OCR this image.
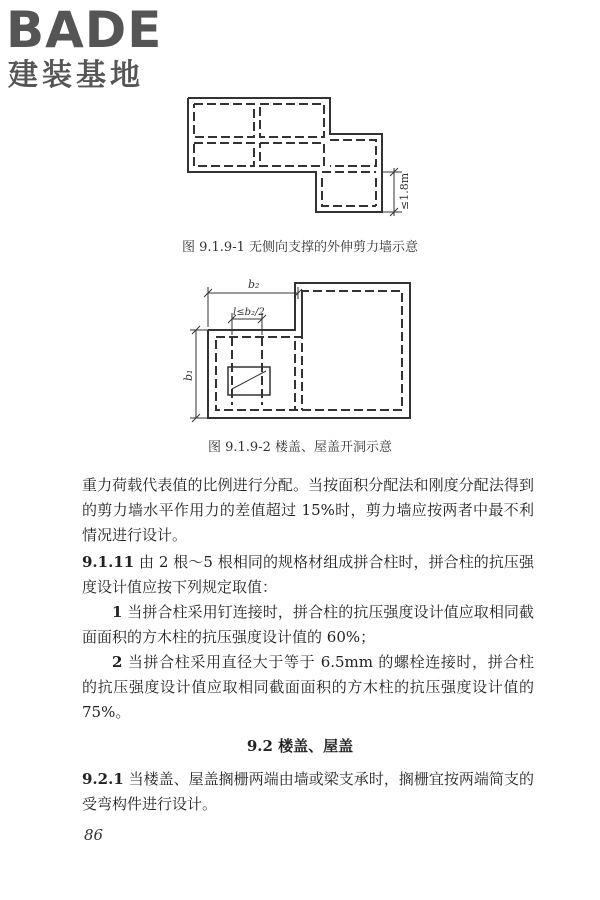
BADE
建装基地
≤1.8m
图 9.1.9-1 无侧向支撑的外伸剪力墙示意
b₂
l≤b₂/2
b₁
图 9.1.9-2 楼盖、屋盖开洞示意

重力荷载代表值的比例进行分配。当按面积分配法和刚度分配法得到的剪力墙水平作用力的差值超过 15%时，剪力墙应按两者中最不利情况进行设计。

9.1.11 由 2 根～5 根相同的规格材组成拼合柱时，拼合柱的抗压强度设计值应按下列规定取值：

1 当拼合柱采用钉连接时，拼合柱的抗压强度设计值应取相同截面面积的方木柱的抗压强度设计值的 60%；

2 当拼合柱采用直径大于等于 6.5mm 的螺栓连接时，拼合柱的抗压强度设计值应取相同截面面积的方木柱的抗压强度设计值的 75%。

9.2 楼盖、屋盖

9.2.1 当楼盖、屋盖搁栅两端由墙或梁支承时，搁栅宜按两端简支的受弯构件进行设计。

86
